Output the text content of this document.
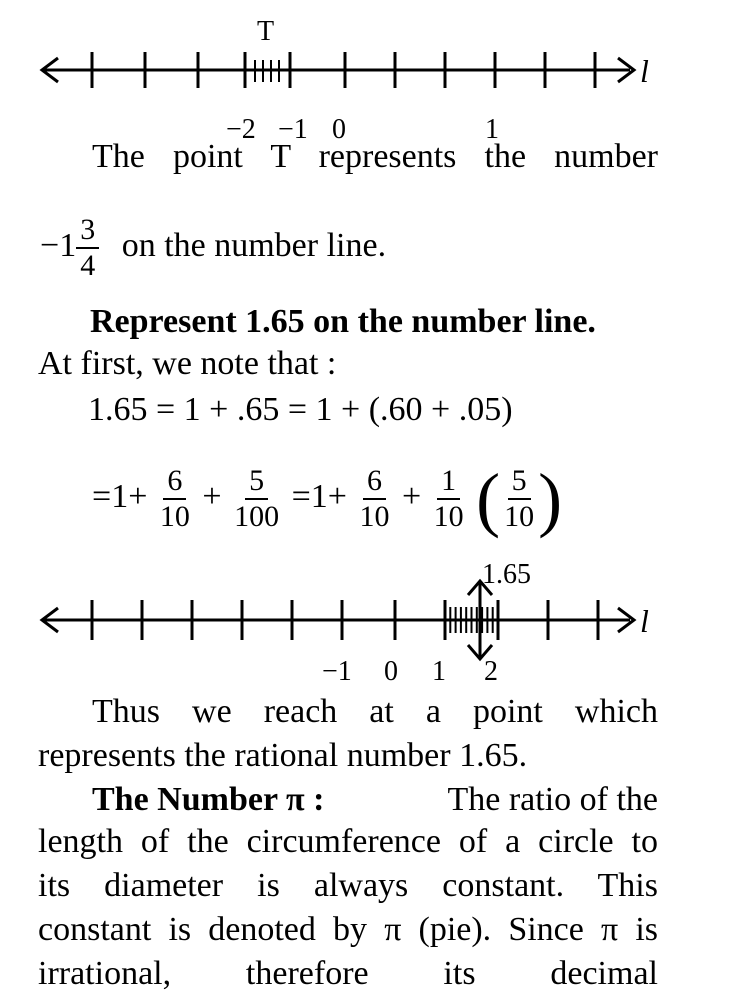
T
l
−2 −1 0	1
The point T represents the number
$-1 \frac{3}{4}$ on the number line.
Represent 1.65 on the number line.
At first, we note that :
1.65 = 1 + .65 = 1 + (.60 + .05)
$=1+ \frac{6}{10} + \frac{5}{100} =1+ \frac{6}{10} + \frac{1}{10}$ ( $\frac{5}{10}$ )
1.65
l
−1 0 1 2
Thus we reach at a point which
represents the rational number 1.65.
The Number π :	The ratio of the
length of the circumference of a circle to
its diameter is always constant. This
constant is denoted by π (pie). Since π is
irrational, therefore its decimal
